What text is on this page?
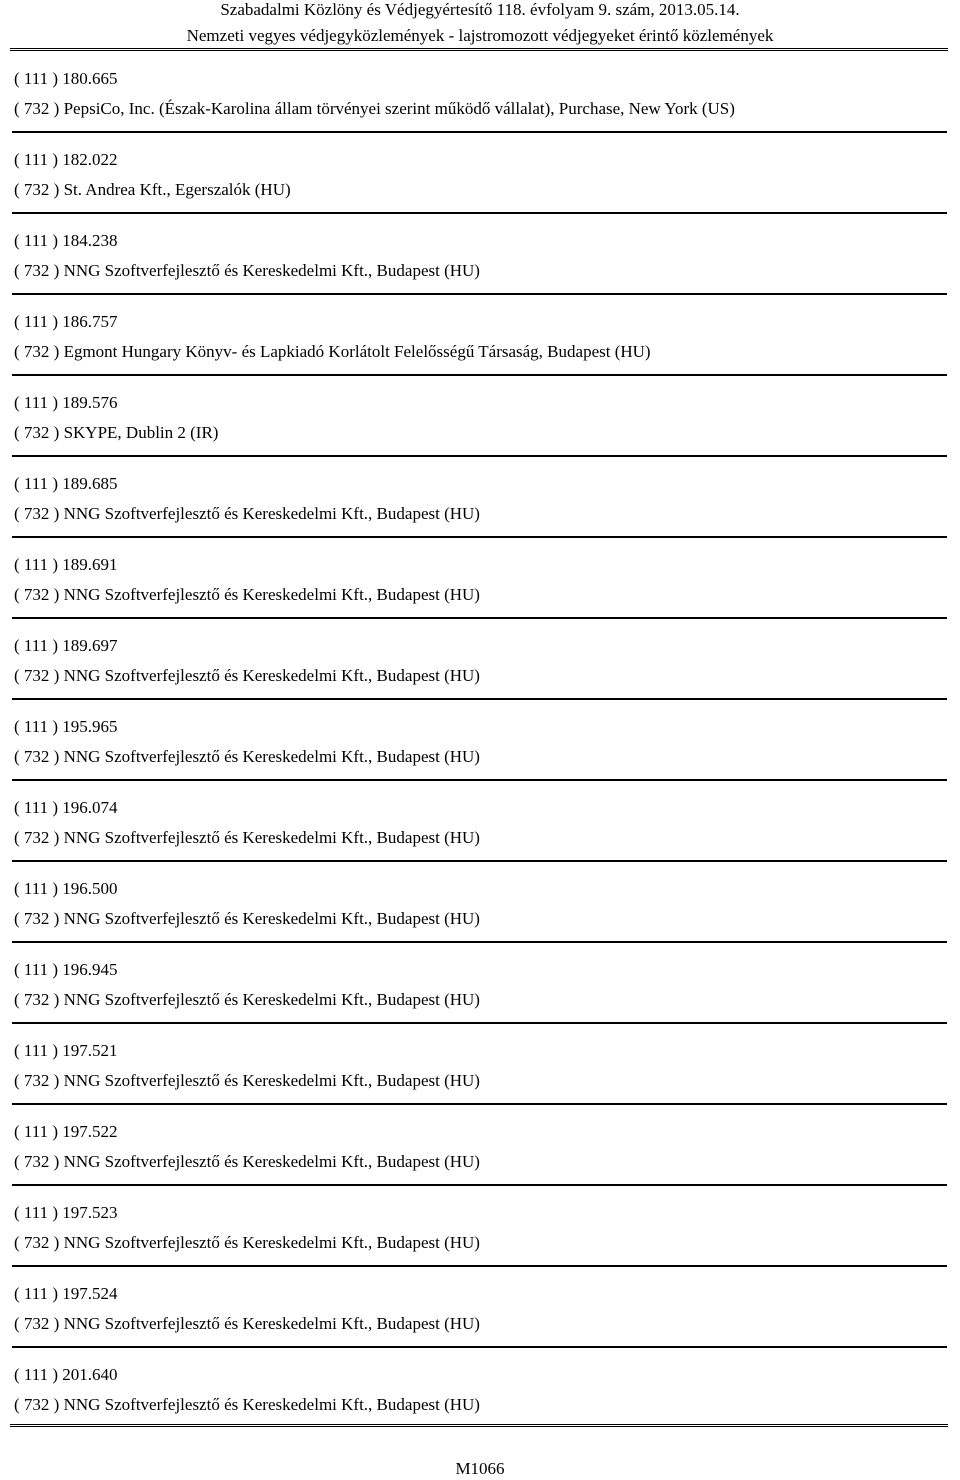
Szabadalmi Közlöny és Védjegyértesítő 118. évfolyam 9. szám, 2013.05.14.
Nemzeti vegyes védjegyközlemények - lajstromozott védjegyeket érintő közlemények
( 111 ) 180.665
( 732 ) PepsiCo, Inc. (Észak-Karolina állam törvényei szerint működő vállalat), Purchase, New York (US)
( 111 ) 182.022
( 732 ) St. Andrea Kft., Egerszalók (HU)
( 111 ) 184.238
( 732 ) NNG Szoftverfejlesztő és Kereskedelmi Kft., Budapest (HU)
( 111 ) 186.757
( 732 ) Egmont Hungary Könyv- és Lapkiadó Korlátolt Felelősségű Társaság, Budapest (HU)
( 111 ) 189.576
( 732 ) SKYPE, Dublin 2 (IR)
( 111 ) 189.685
( 732 ) NNG Szoftverfejlesztő és Kereskedelmi Kft., Budapest (HU)
( 111 ) 189.691
( 732 ) NNG Szoftverfejlesztő és Kereskedelmi Kft., Budapest (HU)
( 111 ) 189.697
( 732 ) NNG Szoftverfejlesztő és Kereskedelmi Kft., Budapest (HU)
( 111 ) 195.965
( 732 ) NNG Szoftverfejlesztő és Kereskedelmi Kft., Budapest (HU)
( 111 ) 196.074
( 732 ) NNG Szoftverfejlesztő és Kereskedelmi Kft., Budapest (HU)
( 111 ) 196.500
( 732 ) NNG Szoftverfejlesztő és Kereskedelmi Kft., Budapest (HU)
( 111 ) 196.945
( 732 ) NNG Szoftverfejlesztő és Kereskedelmi Kft., Budapest (HU)
( 111 ) 197.521
( 732 ) NNG Szoftverfejlesztő és Kereskedelmi Kft., Budapest (HU)
( 111 ) 197.522
( 732 ) NNG Szoftverfejlesztő és Kereskedelmi Kft., Budapest (HU)
( 111 ) 197.523
( 732 ) NNG Szoftverfejlesztő és Kereskedelmi Kft., Budapest (HU)
( 111 ) 197.524
( 732 ) NNG Szoftverfejlesztő és Kereskedelmi Kft., Budapest (HU)
( 111 ) 201.640
( 732 ) NNG Szoftverfejlesztő és Kereskedelmi Kft., Budapest (HU)
M1066
